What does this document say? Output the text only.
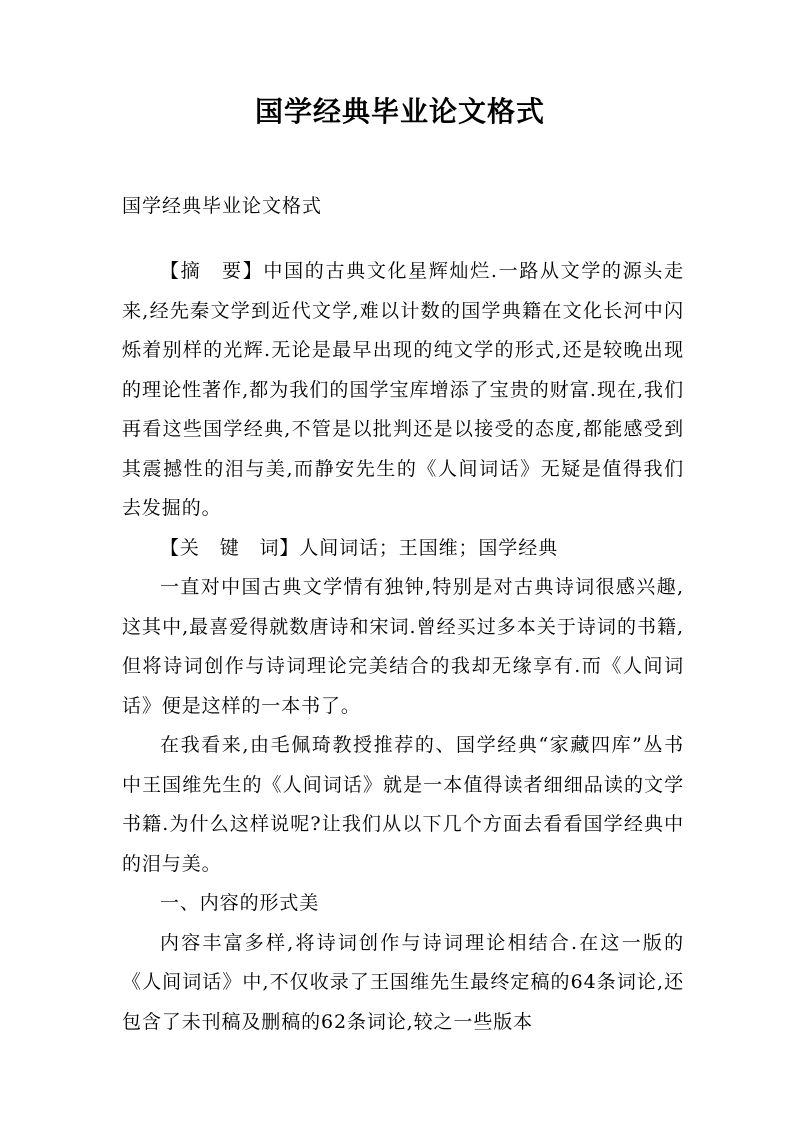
国学经典毕业论文格式
国学经典毕业论文格式

【摘　要】中国的古典文化星辉灿烂.一路从文学的源头走来,经先秦文学到近代文学,难以计数的国学典籍在文化长河中闪烁着别样的光辉.无论是最早出现的纯文学的形式,还是较晚出现的理论性著作,都为我们的国学宝库增添了宝贵的财富.现在,我们再看这些国学经典,不管是以批判还是以接受的态度,都能感受到其震撼性的泪与美,而静安先生的《人间词话》无疑是值得我们去发掘的。

【关　键　词】人间词话；王国维；国学经典

一直对中国古典文学情有独钟,特别是对古典诗词很感兴趣,这其中,最喜爱得就数唐诗和宋词.曾经买过多本关于诗词的书籍,但将诗词创作与诗词理论完美结合的我却无缘享有.而《人间词话》便是这样的一本书了。

在我看来,由毛佩琦教授推荐的、国学经典“家藏四库”丛书中王国维先生的《人间词话》就是一本值得读者细细品读的文学书籍.为什么这样说呢?让我们从以下几个方面去看看国学经典中的泪与美。

一、内容的形式美

内容丰富多样,将诗词创作与诗词理论相结合.在这一版的《人间词话》中,不仅收录了王国维先生最终定稿的64条词论,还包含了未刊稿及删稿的62条词论,较之一些版本
